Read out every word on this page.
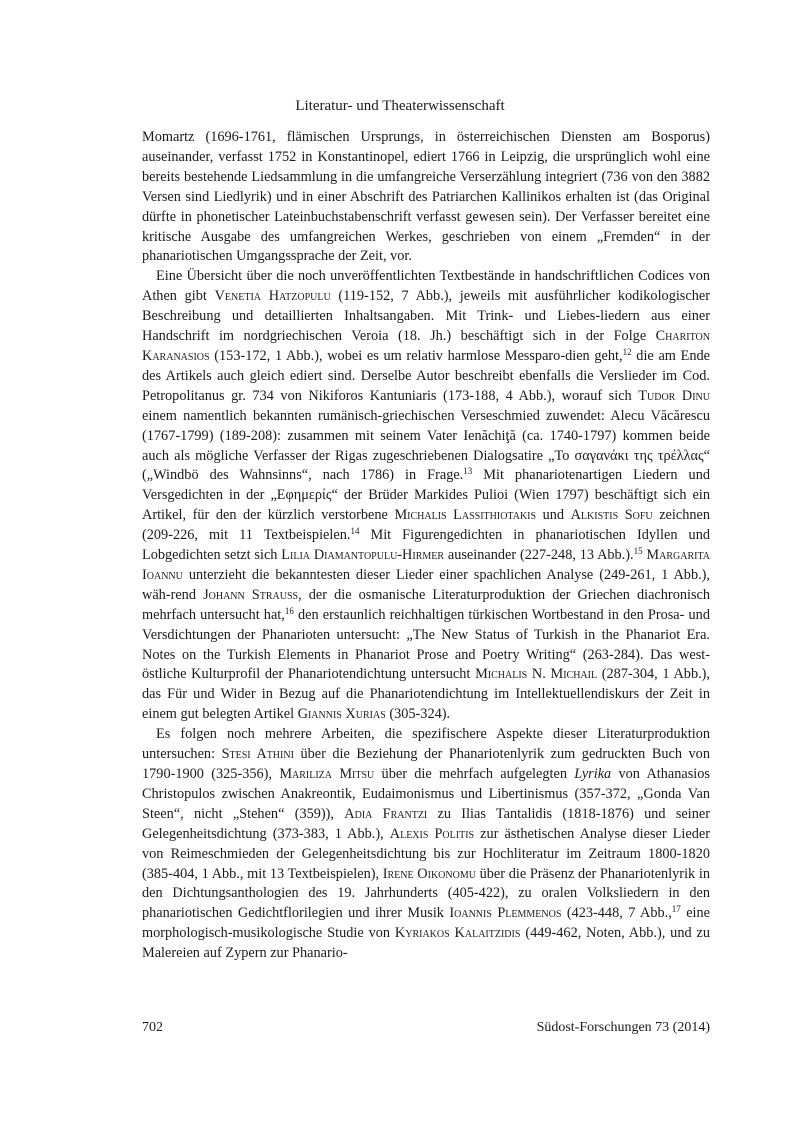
Literatur- und Theaterwissenschaft

Momartz (1696-1761, flämischen Ursprungs, in österreichischen Diensten am Bosporus) auseinander, verfasst 1752 in Konstantinopel, ediert 1766 in Leipzig, die ursprünglich wohl eine bereits bestehende Liedsammlung in die umfangreiche Verserzählung integriert (736 von den 3882 Versen sind Liedlyrik) und in einer Abschrift des Patriarchen Kallinikos erhalten ist (das Original dürfte in phonetischer Lateinbuchstabenschrift verfasst gewesen sein). Der Verfasser bereitet eine kritische Ausgabe des umfangreichen Werkes, geschrieben von einem „Fremden“ in der phanariotischen Umgangssprache der Zeit, vor.

Eine Übersicht über die noch unveröffentlichten Textbestände in handschriftlichen Codices von Athen gibt Venetia Hatzopulu (119-152, 7 Abb.), jeweils mit ausführlicher kodikologischer Beschreibung und detaillierten Inhaltsangaben. Mit Trink- und Liebes-liedern aus einer Handschrift im nordgriechischen Veroia (18. Jh.) beschäftigt sich in der Folge Chariton Karanasios (153-172, 1 Abb.), wobei es um relativ harmlose Messparo-dien geht,$^{12}$ die am Ende des Artikels auch gleich ediert sind. Derselbe Autor beschreibt ebenfalls die Verslieder im Cod. Petropolitanus gr. 734 von Nikiforos Kantuniaris (173-188, 4 Abb.), worauf sich Tudor Dinu einem namentlich bekannten rumänisch-griechischen Verseschmied zuwendet: Alecu Văcărescu (1767-1799) (189-208): zusammen mit seinem Vater Ienăchiţă (ca. 1740-1797) kommen beide auch als mögliche Verfasser der Rigas zugeschriebenen Dialogsatire „Το σαγανάκι της τρέλλας“ („Windbö des Wahnsinns“, nach 1786) in Frage.$^{13}$ Mit phanariotenartigen Liedern und Versgedichten in der „Εφημερίς“ der Brüder Markides Pulioi (Wien 1797) beschäftigt sich ein Artikel, für den der kürzlich verstorbene Michalis Lassithiotakis und Alkistis Sofu zeichnen (209-226, mit 11 Textbeispielen.$^{14}$ Mit Figurengedichten in phanariotischen Idyllen und Lobgedichten setzt sich Lilia Diamantopulu-Hirmer auseinander (227-248, 13 Abb.).$^{15}$ Margarita Ioannu unterzieht die bekanntesten dieser Lieder einer spachlichen Analyse (249-261, 1 Abb.), wäh-rend Johann Strauss, der die osmanische Literaturproduktion der Griechen diachronisch mehrfach untersucht hat,$^{16}$ den erstaunlich reichhaltigen türkischen Wortbestand in den Prosa- und Versdichtungen der Phanarioten untersucht: „The New Status of Turkish in the Phanariot Era. Notes on the Turkish Elements in Phanariot Prose and Poetry Writing“ (263-284). Das west-östliche Kulturprofil der Phanariotendichtung untersucht Michalis N. Michail (287-304, 1 Abb.), das Für und Wider in Bezug auf die Phanariotendichtung im Intellektuellendiskurs der Zeit in einem gut belegten Artikel Giannis Xurias (305-324).

Es folgen noch mehrere Arbeiten, die spezifischere Aspekte dieser Literaturproduktion untersuchen: Stesi Athini über die Beziehung der Phanariotenlyrik zum gedruckten Buch von 1790-1900 (325-356), Mariliza Mitsu über die mehrfach aufgelegten Lyrika von Athanasios Christopulos zwischen Anakreontik, Eudaimonismus und Libertinismus (357-372, „Gonda Van Steen“, nicht „Stehen“ (359)), Adia Frantzi zu Ilias Tantalidis (1818-1876) und seiner Gelegenheitsdichtung (373-383, 1 Abb.), Alexis Politis zur ästhetischen Analyse dieser Lieder von Reimeschmieden der Gelegenheitsdichtung bis zur Hochliteratur im Zeitraum 1800-1820 (385-404, 1 Abb., mit 13 Textbeispielen), Irene Oikonomu über die Präsenz der Phanariotenlyrik in den Dichtungsanthologien des 19. Jahrhunderts (405-422), zu oralen Volksliedern in den phanariotischen Gedichtflorilegien und ihrer Musik Ioannis Plemmenos (423-448, 7 Abb.,$^{17}$ eine morphologisch-musikologische Studie von Kyriakos Kalaitzidis (449-462, Noten, Abb.), und zu Malereien auf Zypern zur Phanario-

702	Südost-Forschungen 73 (2014)
